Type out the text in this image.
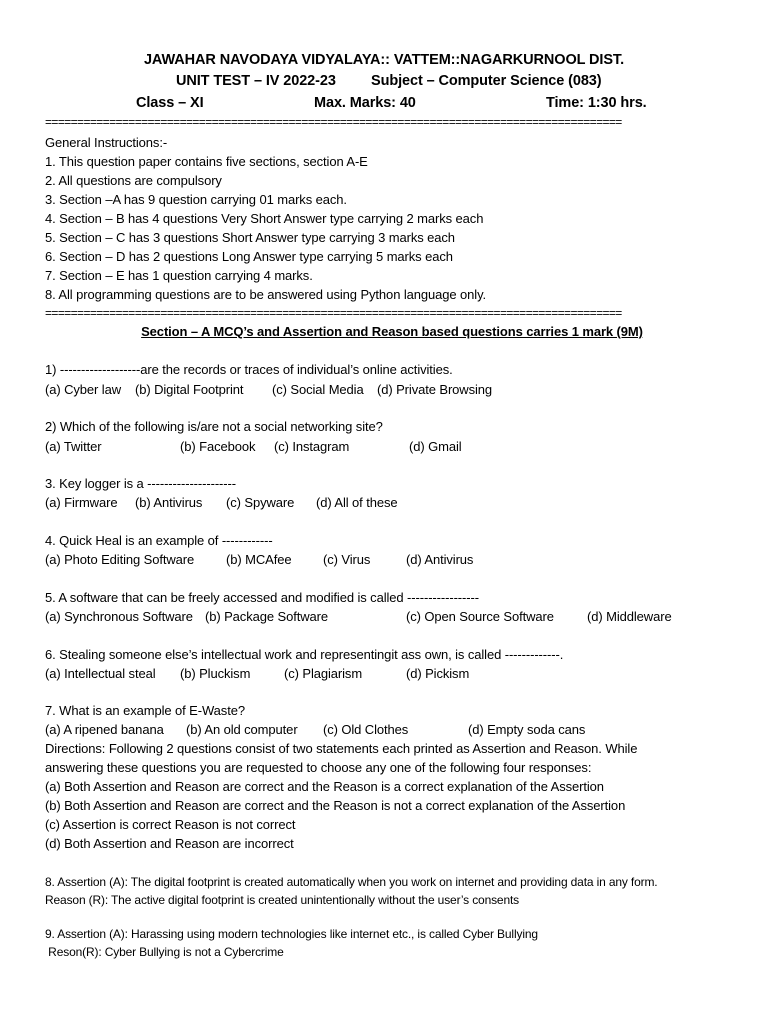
JAWAHAR NAVODAYA VIDYALAYA:: VATTEM::NAGARKURNOOL DIST.

UNIT TEST – IV 2022-23 Subject – Computer Science (083)

Class – XI	Max. Marks: 40	Time: 1:30 hrs.

==========================================================================================

General Instructions:-

1. This question paper contains five sections, section A-E

2. All questions are compulsory

3. Section –A has 9 question carrying 01 marks each.

4. Section – B has 4 questions Very Short Answer type carrying 2 marks each

5. Section – C has 3 questions Short Answer type carrying 3 marks each

6. Section – D has 2 questions Long Answer type carrying 5 marks each

7. Section – E has 1 question carrying 4 marks.

8. All programming questions are to be answered using Python language only.

==========================================================================================

Section – A MCQ’s and Assertion and Reason based questions carries 1 mark (9M)

1) -------------------are the records or traces of individual’s online activities.

(a) Cyber law (b) Digital Footprint (c) Social Media (d) Private Browsing

2) Which of the following is/are not a social networking site?

(a) Twitter	(b) Facebook (c) Instagram	(d) Gmail

3. Key logger is a ---------------------

(a) Firmware (b) Antivirus (c) Spyware (d) All of these

4. Quick Heal is an example of ------------

(a) Photo Editing Software (b) MCAfee (c) Virus	(d) Antivirus

5. A software that can be freely accessed and modified is called -----------------

(a) Synchronous Software (b) Package Software	(c) Open Source Software	(d) Middleware

6. Stealing someone else’s intellectual work and representingit ass own, is called -------------.

(a) Intellectual steal (b) Pluckism	(c) Plagiarism	(d) Pickism

7. What is an example of E-Waste?

(a) A ripened banana (b) An old computer (c) Old Clothes	(d) Empty soda cans

Directions: Following 2 questions consist of two statements each printed as Assertion and Reason. While

answering these questions you are requested to choose any one of the following four responses:

(a) Both Assertion and Reason are correct and the Reason is a correct explanation of the Assertion

(b) Both Assertion and Reason are correct and the Reason is not a correct explanation of the Assertion

(c) Assertion is correct Reason is not correct

(d) Both Assertion and Reason are incorrect

8. Assertion (A): The digital footprint is created automatically when you work on internet and providing data in any form.

Reason (R): The active digital footprint is created unintentionally without the user’s consents

9. Assertion (A): Harassing using modern technologies like internet etc., is called Cyber Bullying

Reson(R): Cyber Bullying is not a Cybercrime
